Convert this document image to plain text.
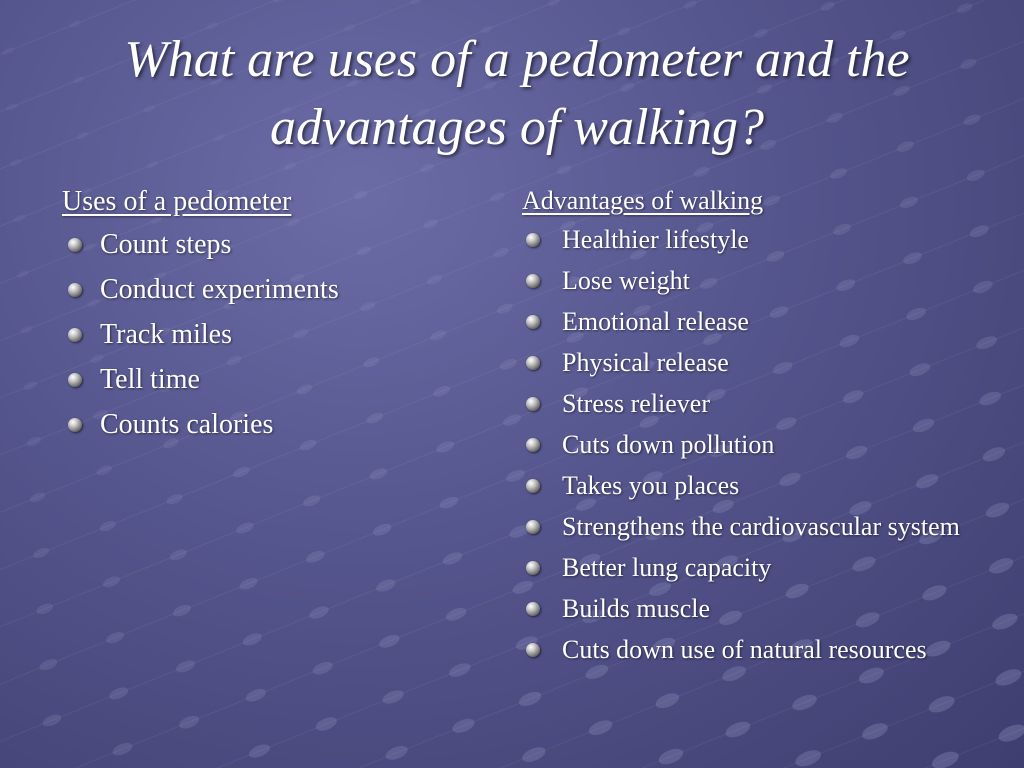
What are uses of a pedometer and the advantages of walking?
Uses of a pedometer
Count steps
Conduct experiments
Track miles
Tell time
Counts calories
Advantages of walking
Healthier lifestyle
Lose weight
Emotional release
Physical release
Stress reliever
Cuts down pollution
Takes you places
Strengthens the cardiovascular system
Better lung capacity
Builds muscle
Cuts down use of natural resources
